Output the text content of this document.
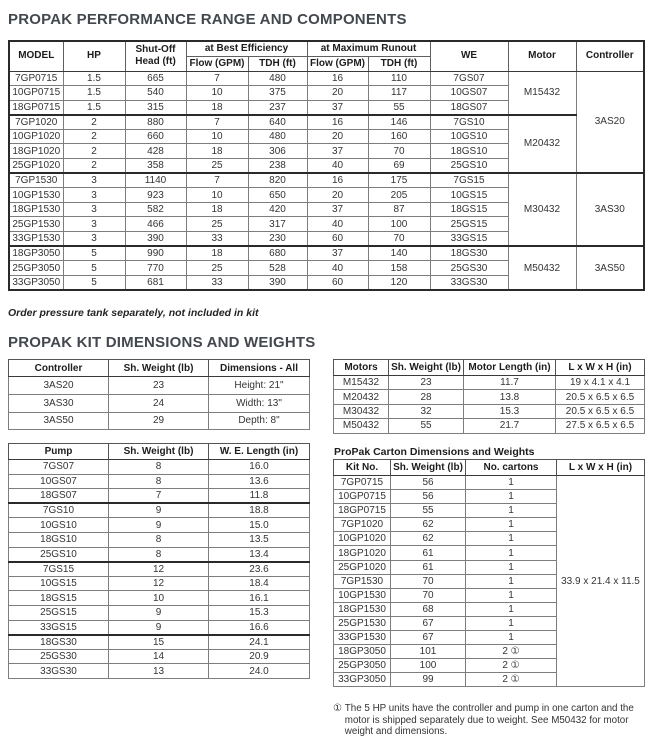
PROPAK PERFORMANCE RANGE AND COMPONENTS
MODEL	HP	Shut-Off Head (ft)	at Best Efficiency		at Maximum Runout		WE	Motor	Controller
			Flow (GPM)	TDH (ft)	Flow (GPM)	TDH (ft)			
7GP0715	1.5	665	7	480	16	110	7GS07	M15432	3AS20
10GP0715	1.5	540	10	375	20	117	10GS07		
18GP0715	1.5	315	18	237	37	55	18GS07		
7GP1020	2	880	7	640	16	146	7GS10	M20432	
10GP1020	2	660	10	480	20	160	10GS10		
18GP1020	2	428	18	306	37	70	18GS10		
25GP1020	2	358	25	238	40	69	25GS10		
7GP1530	3	1140	7	820	16	175	7GS15	M30432	3AS30
10GP1530	3	923	10	650	20	205	10GS15		
18GP1530	3	582	18	420	37	87	18GS15		
25GP1530	3	466	25	317	40	100	25GS15		
33GP1530	3	390	33	230	60	70	33GS15		
18GP3050	5	990	18	680	37	140	18GS30	M50432	3AS50
25GP3050	5	770	25	528	40	158	25GS30		
33GP3050	5	681	33	390	60	120	33GS30		
Order pressure tank separately, not included in kit
PROPAK KIT DIMENSIONS AND WEIGHTS
Controller	Sh. Weight (lb)	Dimensions - All
3AS20	23	Height: 21"
3AS30	24	Width: 13"
3AS50	29	Depth: 8"
Motors	Sh. Weight (lb)	Motor Length (in)	L x W x H (in)
M15432	23	11.7	19 x 4.1 x 4.1
M20432	28	13.8	20.5 x 6.5 x 6.5
M30432	32	15.3	20.5 x 6.5 x 6.5
M50432	55	21.7	27.5 x 6.5 x 6.5
Pump	Sh. Weight (lb)	W. E. Length (in)
7GS07	8	16.0
10GS07	8	13.6
18GS07	7	11.8
7GS10	9	18.8
10GS10	9	15.0
18GS10	8	13.5
25GS10	8	13.4
7GS15	12	23.6
10GS15	12	18.4
18GS15	10	16.1
25GS15	9	15.3
33GS15	9	16.6
18GS30	15	24.1
25GS30	14	20.9
33GS30	13	24.0
ProPak Carton Dimensions and Weights
Kit No.	Sh. Weight (lb)	No. cartons	L x W x H (in)
7GP0715	56	1	33.9 x 21.4 x 11.5
10GP0715	56	1	
18GP0715	55	1	
7GP1020	62	1	
10GP1020	62	1	
18GP1020	61	1	
25GP1020	61	1	
7GP1530	70	1	
10GP1530	70	1	
18GP1530	68	1	
25GP1530	67	1	
33GP1530	67	1	
18GP3050	101	2 ①	
25GP3050	100	2 ①	
33GP3050	99	2 ①	
① The 5 HP units have the controller and pump in one carton and the motor is shipped separately due to weight. See M50432 for motor weight and dimensions.
